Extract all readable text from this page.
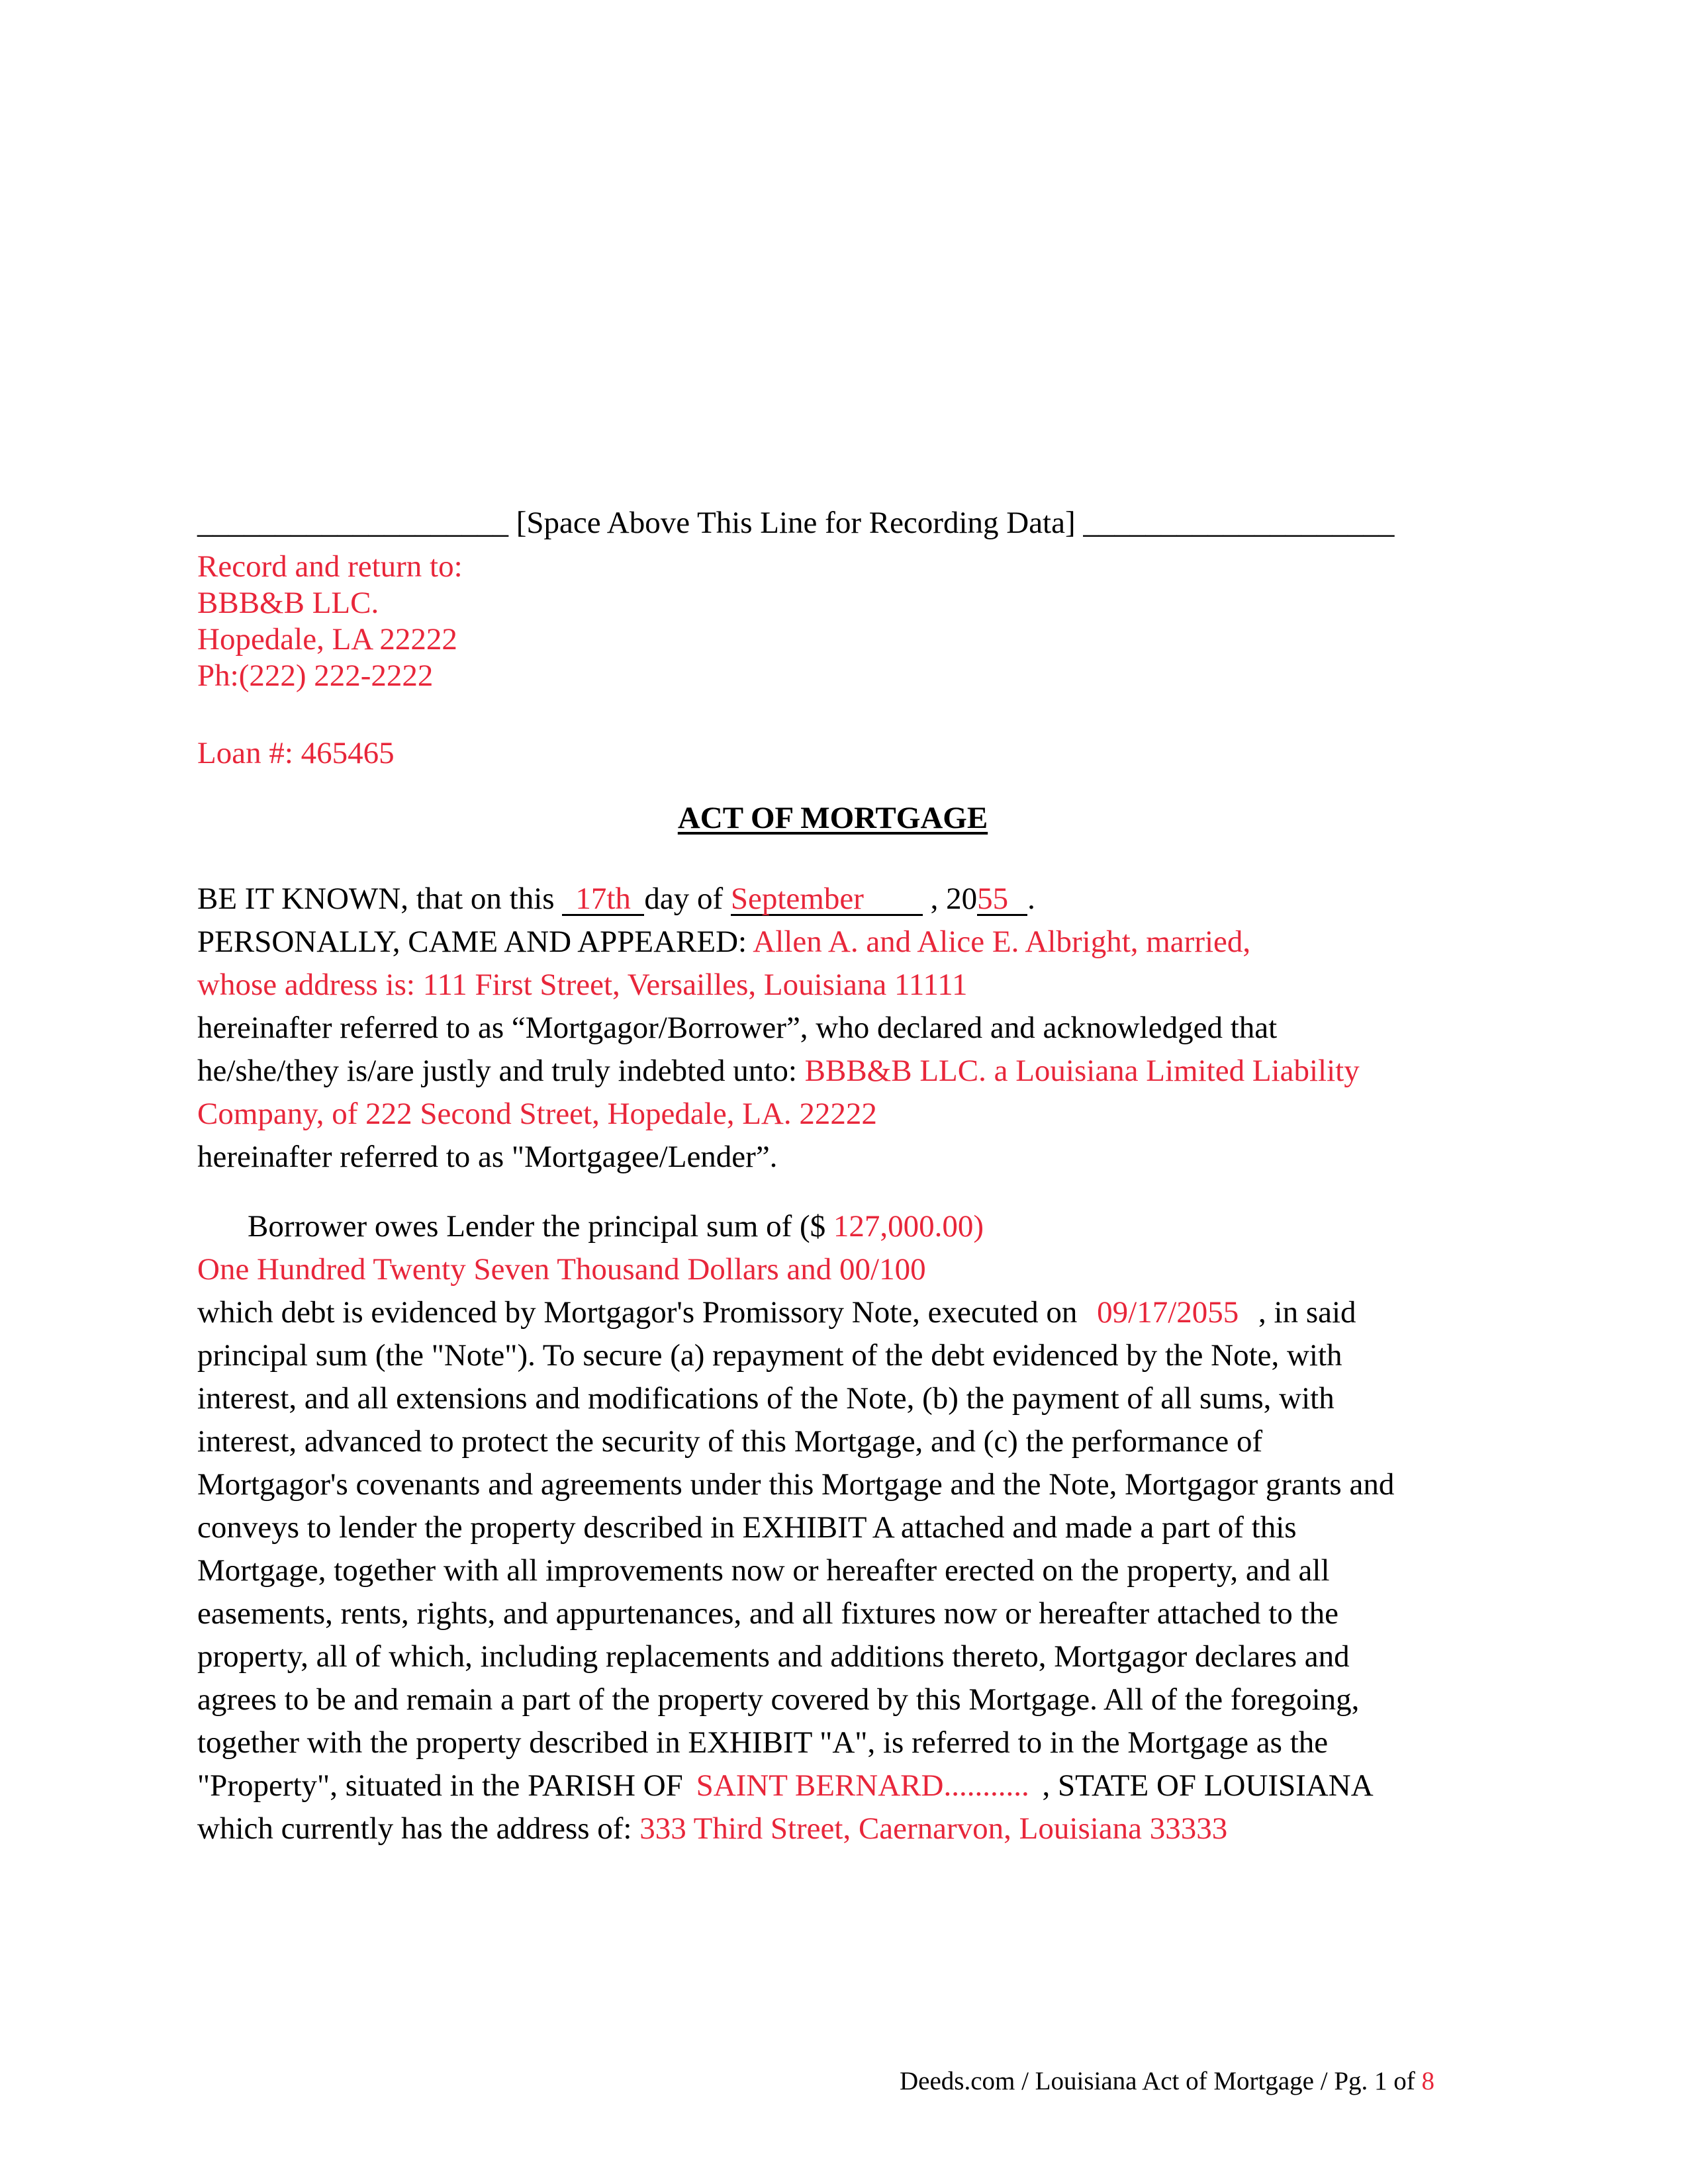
____________________ [Space Above This Line for Recording Data] ____________________
Record and return to:
BBB&B LLC.
Hopedale, LA 22222
Ph:(222) 222-2222
Loan #: 465465
ACT OF MORTGAGE
BE IT KNOWN, that on this 17th day of September , 2055 .
PERSONALLY, CAME AND APPEARED: Allen A. and Alice E. Albright, married,
whose address is: 111 First Street, Versailles, Louisiana 11111
hereinafter referred to as “Mortgagor/Borrower”, who declared and acknowledged that
he/she/they is/are justly and truly indebted unto: BBB&B LLC. a Louisiana Limited Liability
Company, of 222 Second Street, Hopedale, LA. 22222
hereinafter referred to as "Mortgagee/Lender”.
Borrower owes Lender the principal sum of ($ 127,000.00)
One Hundred Twenty Seven Thousand Dollars and 00/100
which debt is evidenced by Mortgagor's Promissory Note, executed on 09/17/2055 , in said
principal sum (the "Note"). To secure (a) repayment of the debt evidenced by the Note, with
interest, and all extensions and modifications of the Note, (b) the payment of all sums, with
interest, advanced to protect the security of this Mortgage, and (c) the performance of
Mortgagor's covenants and agreements under this Mortgage and the Note, Mortgagor grants and
conveys to lender the property described in EXHIBIT A attached and made a part of this
Mortgage, together with all improvements now or hereafter erected on the property, and all
easements, rents, rights, and appurtenances, and all fixtures now or hereafter attached to the
property, all of which, including replacements and additions thereto, Mortgagor declares and
agrees to be and remain a part of the property covered by this Mortgage. All of the foregoing,
together with the property described in EXHIBIT "A", is referred to in the Mortgage as the
"Property", situated in the PARISH OF SAINT BERNARD........... , STATE OF LOUISIANA
which currently has the address of: 333 Third Street, Caernarvon, Louisiana 33333
Deeds.com / Louisiana Act of Mortgage / Pg. 1 of 8
